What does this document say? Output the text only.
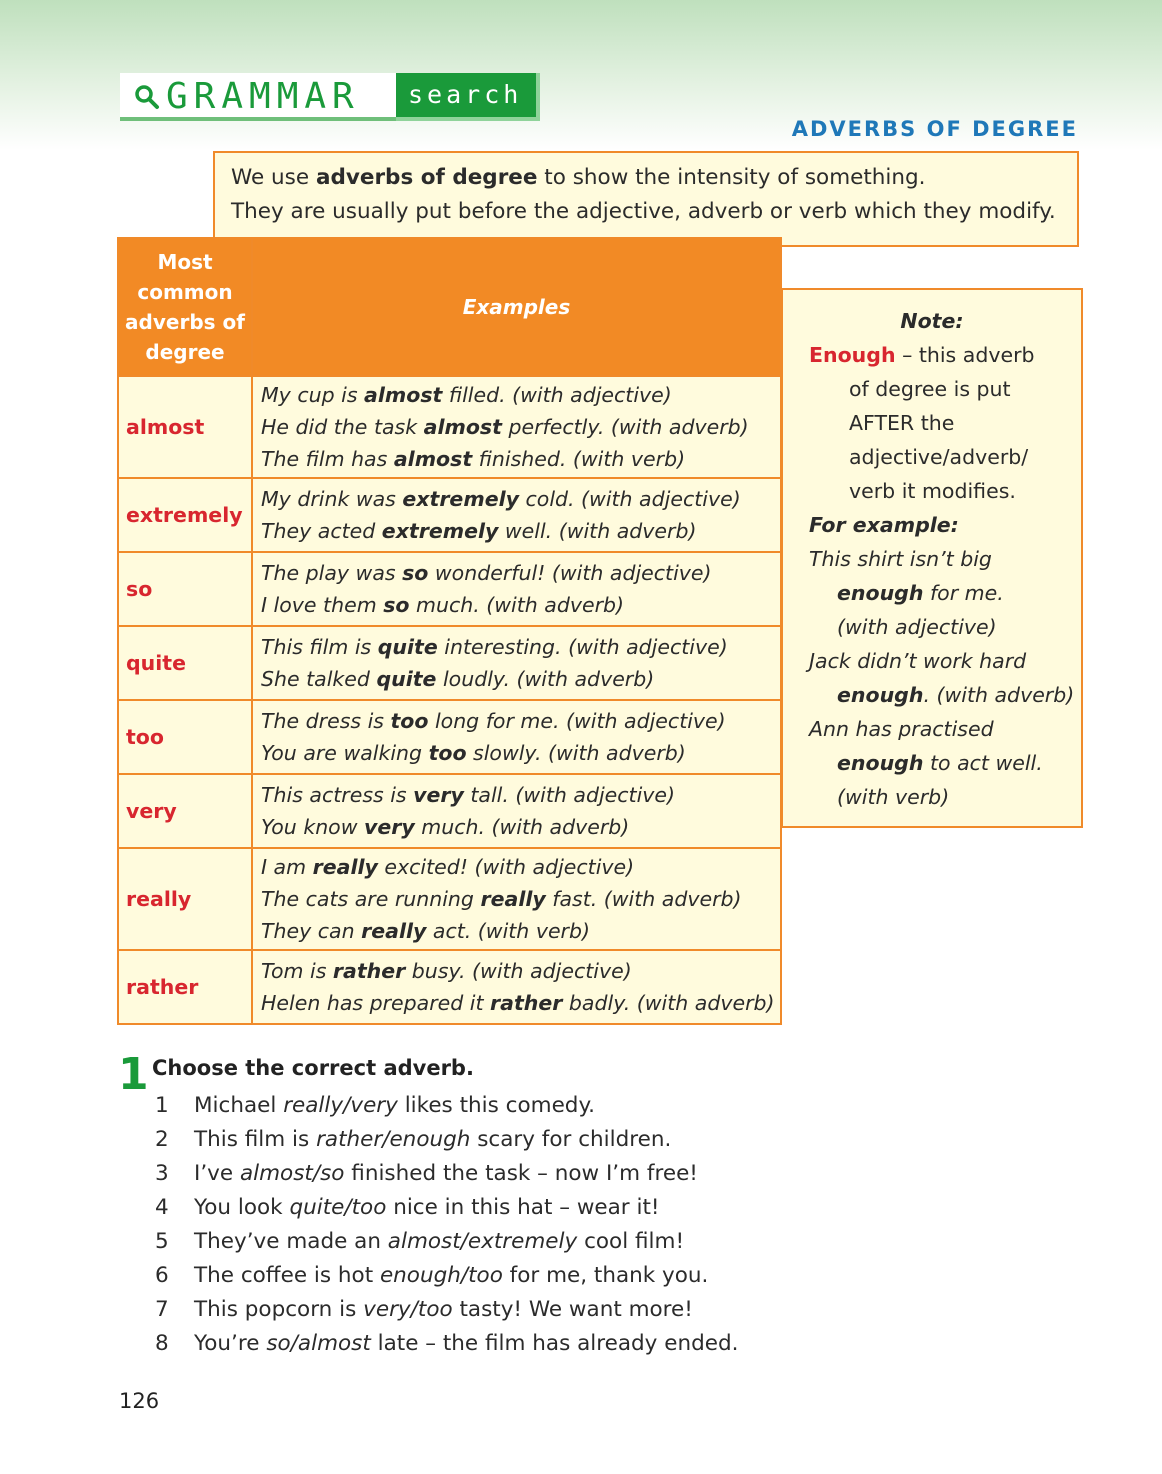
GRAMMAR search
ADVERBS OF DEGREE

We use adverbs of degree to show the intensity of something.

They are usually put before the adjective, adverb or verb which they modify.

Most common adverbs of degree	Examples
almost	My cup is almost filled. (with adjective)
He did the task almost perfectly. (with adverb)
The film has almost finished. (with verb)

extremely	My drink was extremely cold. (with adjective)
They acted extremely well. (with adverb)

so	The play was so wonderful! (with adjective)
I love them so much. (with adverb)

quite	This film is quite interesting. (with adjective)
She talked quite loudly. (with adverb)

too	The dress is too long for me. (with adjective)
You are walking too slowly. (with adverb)

very	This actress is very tall. (with adjective)
You know very much. (with adverb)

really	I am really excited! (with adjective)
The cats are running really fast. (with adverb)
They can really act. (with verb)

rather	Tom is rather busy. (with adjective)
Helen has prepared it rather badly. (with adverb)
Note:
Enough – this adverb
of degree is put
AFTER the
adjective/adverb/
verb it modifies.
For example:
This shirt isn’t big
enough for me.
(with adjective)
Jack didn’t work hard
enough. (with adverb)
Ann has practised
enough to act well.
(with verb)
1 Choose the correct adverb.
1 Michael really/very likes this comedy.
2 This film is rather/enough scary for children.
3 I’ve almost/so finished the task – now I’m free!
4 You look quite/too nice in this hat – wear it!
5 They’ve made an almost/extremely cool film!
6 The coffee is hot enough/too for me, thank you.
7 This popcorn is very/too tasty! We want more!
8 You’re so/almost late – the film has already ended.
126
